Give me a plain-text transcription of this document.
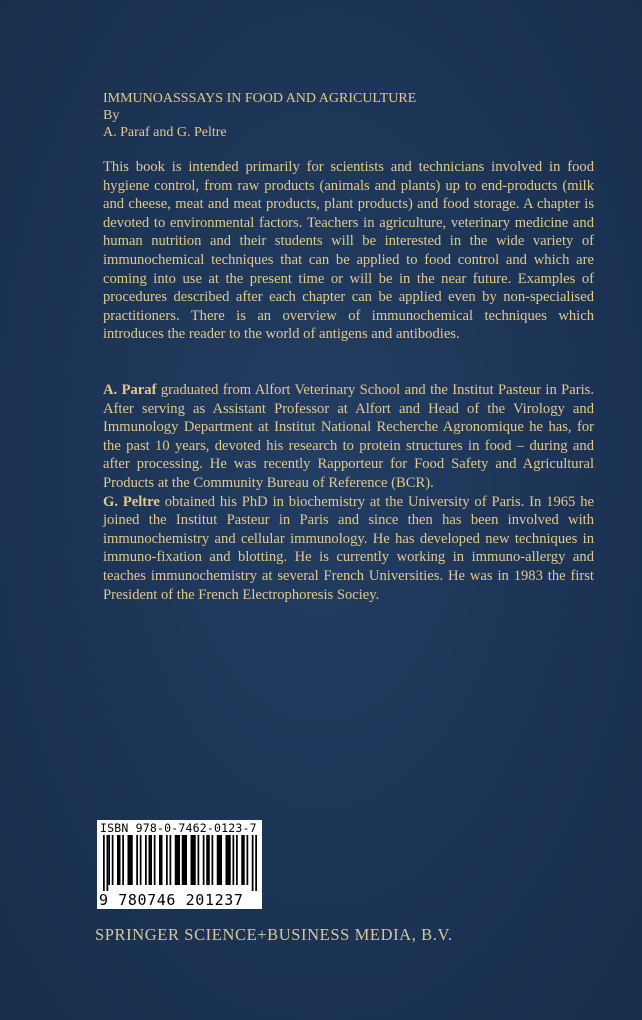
IMMUNOASSSAYS IN FOOD AND AGRICULTURE
By
A. Paraf and G. Peltre

This book is intended primarily for scientists and technicians involved in food hygiene control, from raw products (animals and plants) up to end-products (milk and cheese, meat and meat products, plant products) and food storage. A chapter is devoted to environmental factors. Teachers in agriculture, veterinary medicine and human nutrition and their students will be interested in the wide variety of immunochemical techniques that can be applied to food control and which are coming into use at the present time or will be in the near future. Examples of procedures described after each chapter can be applied even by non-specialised practitioners. There is an overview of immunochemical techniques which introduces the reader to the world of antigens and antibodies.

A. Paraf graduated from Alfort Veterinary School and the Institut Pasteur in Paris. After serving as Assistant Professor at Alfort and Head of the Virology and Immunology Department at Institut National Recherche Agronomique he has, for the past 10 years, devoted his research to protein structures in food – during and after processing. He was recently Rapporteur for Food Safety and Agricultural Products at the Community Bureau of Reference (BCR).

G. Peltre obtained his PhD in biochemistry at the University of Paris. In 1965 he joined the Institut Pasteur in Paris and since then has been involved with immunochemistry and cellular immunology. He has developed new techniques in immuno-fixation and blotting. He is currently working in immuno-allergy and teaches immunochemistry at several French Universities. He was in 1983 the first President of the French Electrophoresis Sociey.

ISBN 978-0-7462-0123-7
9 780746 201237
SPRINGER SCIENCE+BUSINESS MEDIA, B.V.
